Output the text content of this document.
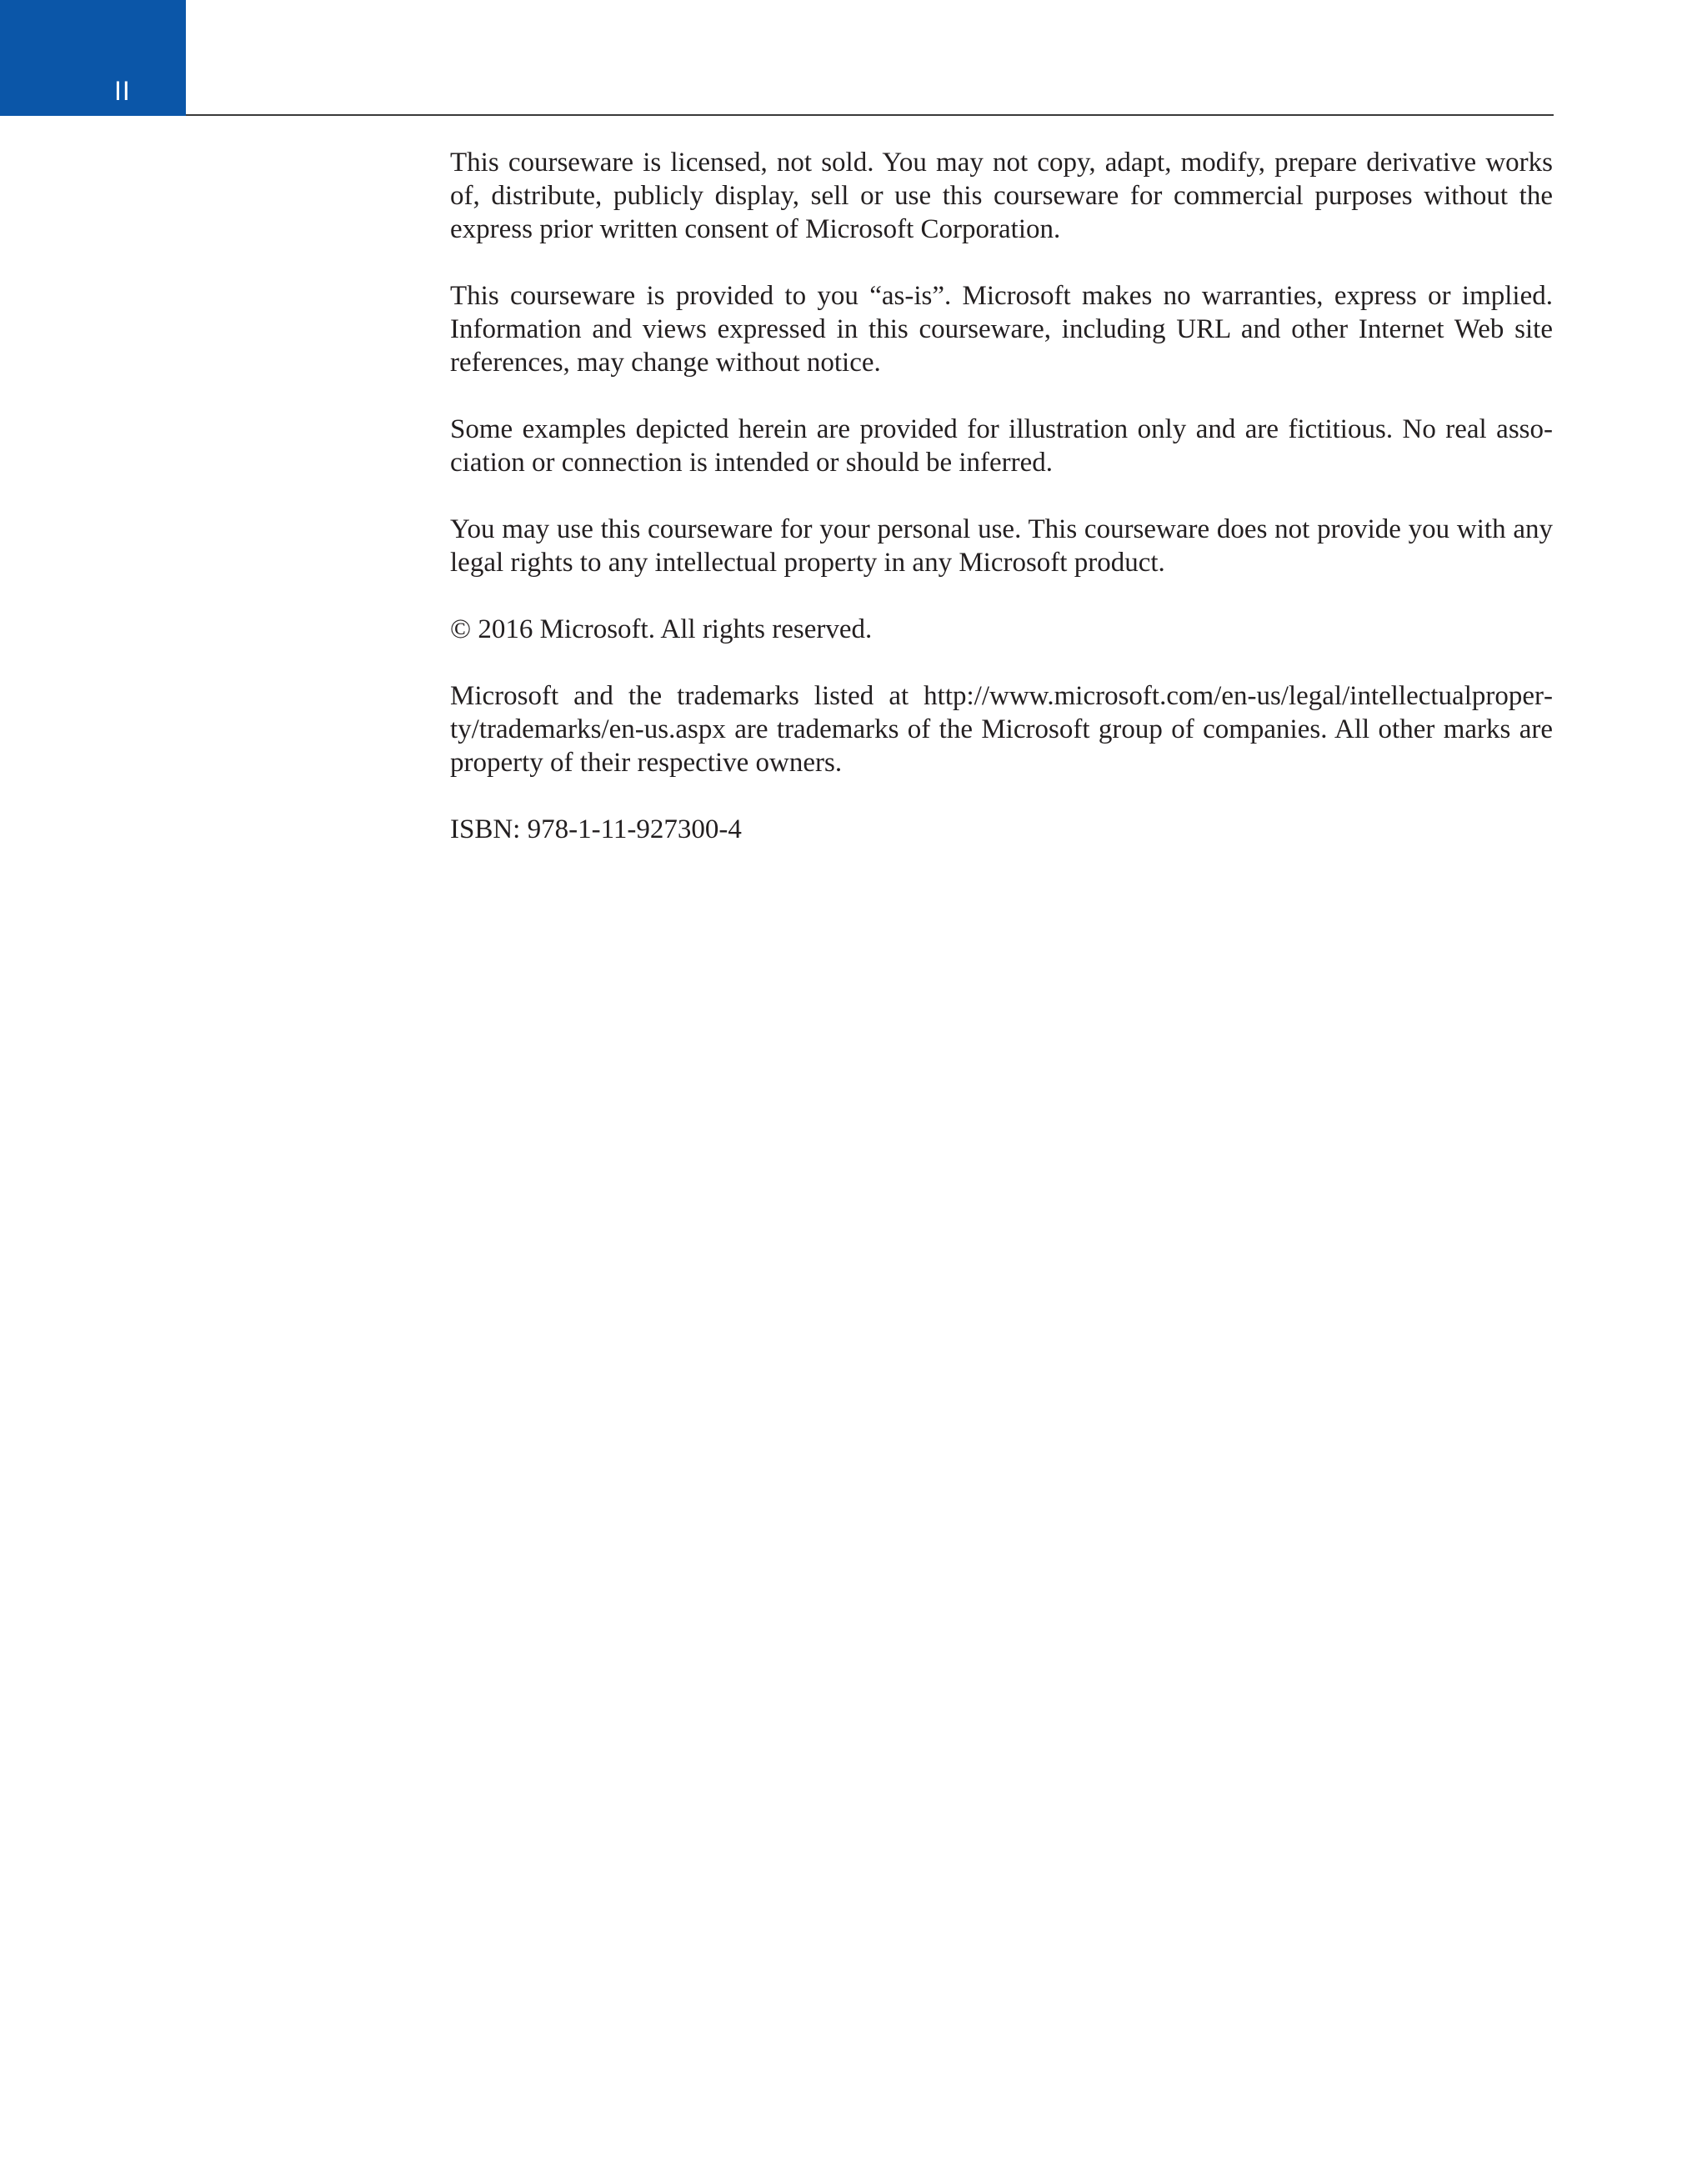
II

This courseware is licensed, not sold. You may not copy, adapt, modify, prepare derivative works of, distribute, publicly display, sell or use this courseware for commercial purposes without the express prior written consent of Microsoft Corporation.

This courseware is provided to you “as-is”. Microsoft makes no warranties, express or implied. Information and views expressed in this courseware, including URL and other Internet Web site references, may change without notice.

Some examples depicted herein are provided for illustration only and are fictitious. No real association or connection is intended or should be inferred.

You may use this courseware for your personal use. This courseware does not provide you with any legal rights to any intellectual property in any Microsoft product.

© 2016 Microsoft. All rights reserved.

Microsoft and the trademarks listed at http://www.microsoft.com/en-us/legal/intellectualproperty/trademarks/en-us.aspx are trademarks of the Microsoft group of companies. All other marks are property of their respective owners.

ISBN: 978-1-11-927300-4
